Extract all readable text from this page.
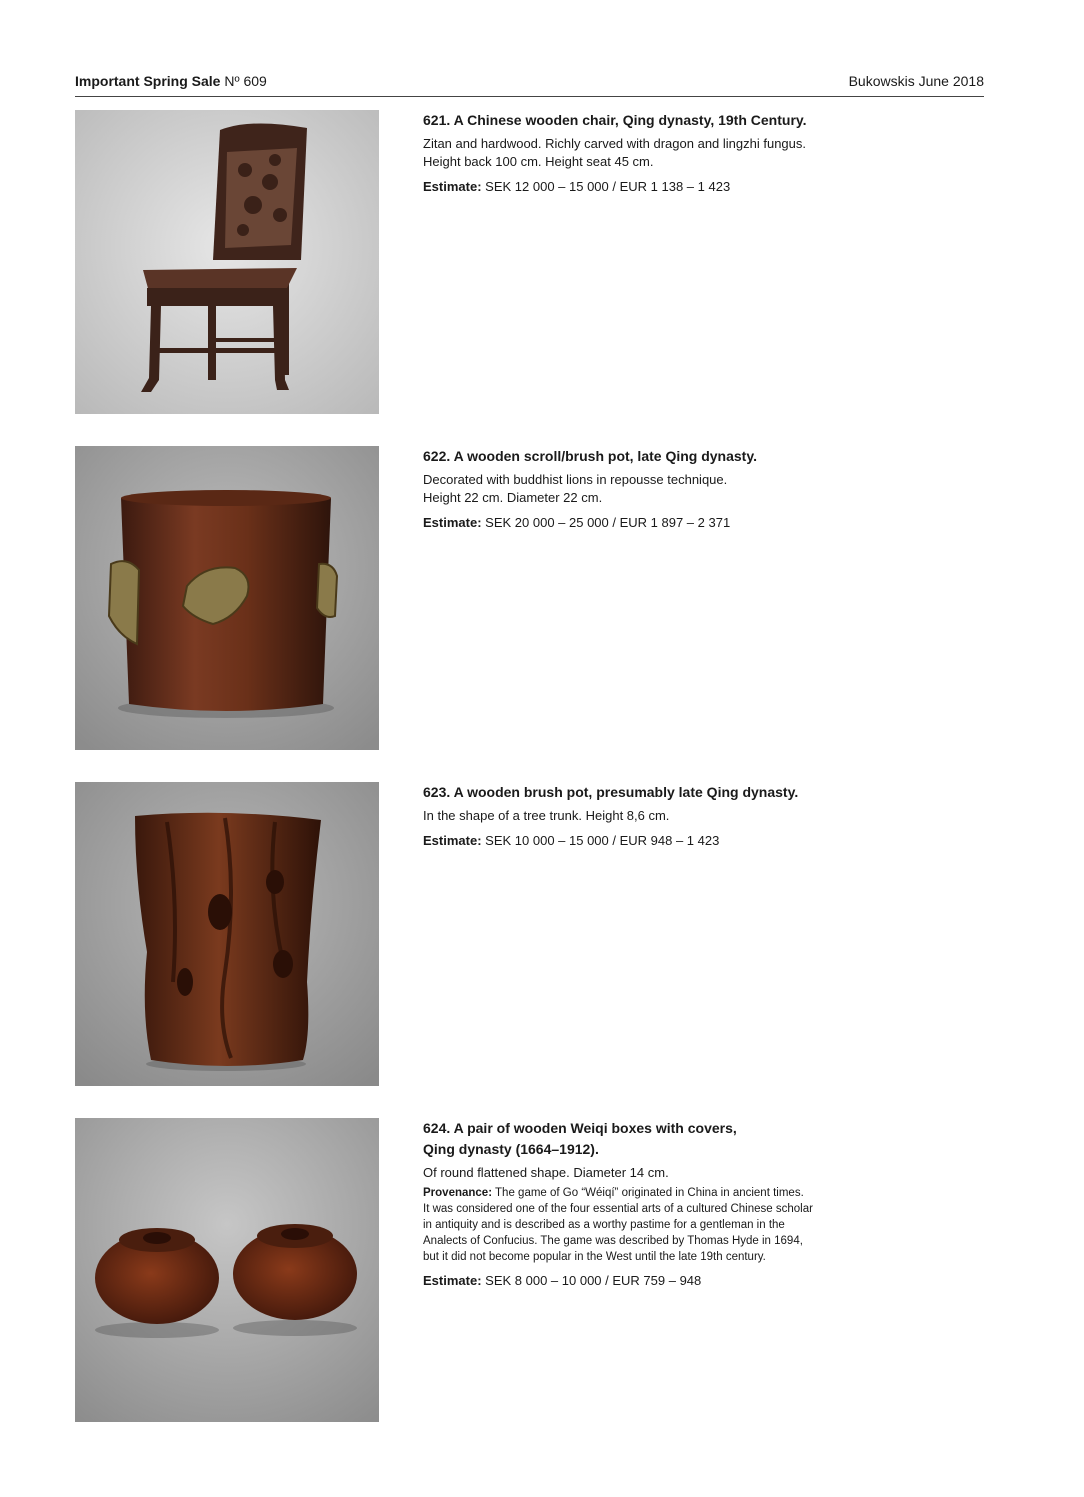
Important Spring Sale Nº 609	Bukowskis June 2018

621. A Chinese wooden chair, Qing dynasty, 19th Century.

Zitan and hardwood. Richly carved with dragon and lingzhi fungus.

Height back 100 cm. Height seat 45 cm.

Estimate: SEK 12 000 – 15 000 / EUR 1 138 – 1 423

622. A wooden scroll/brush pot, late Qing dynasty.

Decorated with buddhist lions in repousse technique.

Height 22 cm. Diameter 22 cm.

Estimate: SEK 20 000 – 25 000 / EUR 1 897 – 2 371

623. A wooden brush pot, presumably late Qing dynasty.

In the shape of a tree trunk. Height 8,6 cm.

Estimate: SEK 10 000 – 15 000 / EUR 948 – 1 423

624. A pair of wooden Weiqi boxes with covers,

Qing dynasty (1664–1912).

Of round flattened shape. Diameter 14 cm.

Provenance: The game of Go “Wéiqí” originated in China in ancient times.

It was considered one of the four essential arts of a cultured Chinese scholar

in antiquity and is described as a worthy pastime for a gentleman in the

Analects of Confucius. The game was described by Thomas Hyde in 1694,

but it did not become popular in the West until the late 19th century.

Estimate: SEK 8 000 – 10 000 / EUR 759 – 948
